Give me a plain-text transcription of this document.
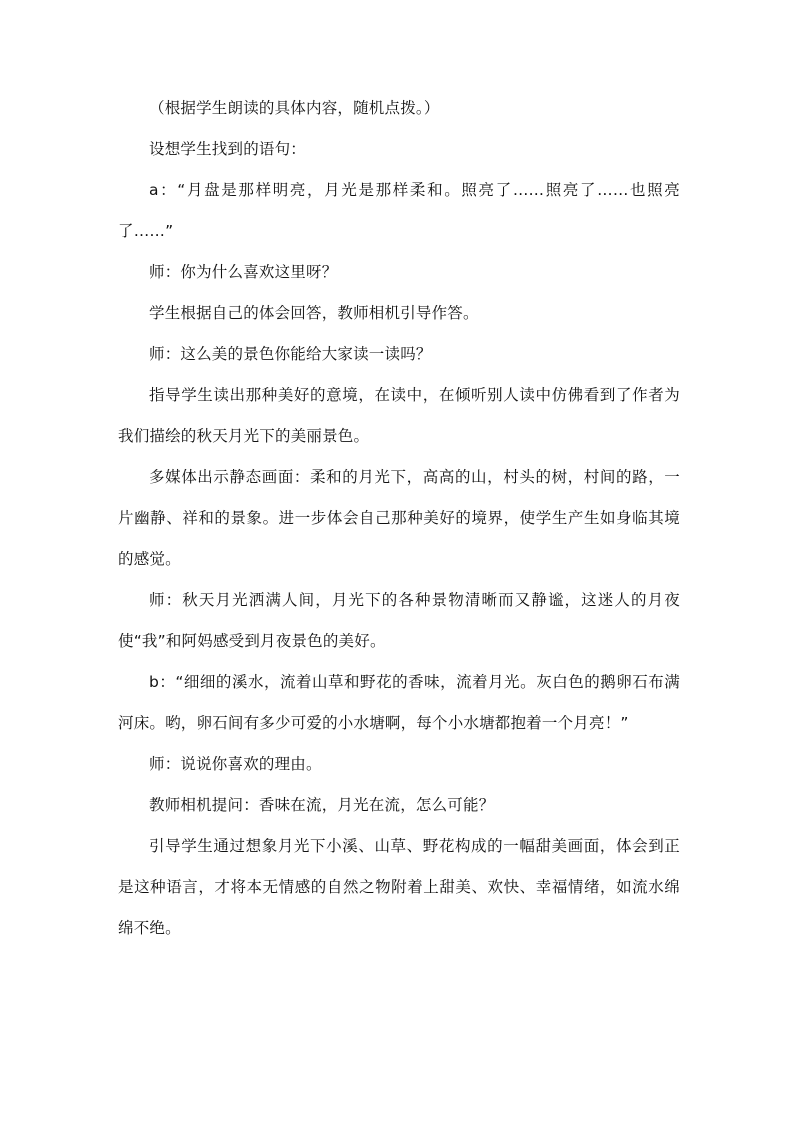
（根据学生朗读的具体内容，随机点拨。）

设想学生找到的语句：

a：“月盘是那样明亮，月光是那样柔和。照亮了……照亮了……也照亮了……”

师：你为什么喜欢这里呀？

学生根据自己的体会回答，教师相机引导作答。

师：这么美的景色你能给大家读一读吗？

指导学生读出那种美好的意境，在读中，在倾听别人读中仿佛看到了作者为我们描绘的秋天月光下的美丽景色。

多媒体出示静态画面：柔和的月光下，高高的山，村头的树，村间的路，一片幽静、祥和的景象。进一步体会自己那种美好的境界，使学生产生如身临其境的感觉。

师：秋天月光洒满人间，月光下的各种景物清晰而又静谧，这迷人的月夜使“我”和阿妈感受到月夜景色的美好。

b：“细细的溪水，流着山草和野花的香味，流着月光。灰白色的鹅卵石布满河床。哟，卵石间有多少可爱的小水塘啊，每个小水塘都抱着一个月亮！”

师：说说你喜欢的理由。

教师相机提问：香味在流，月光在流，怎么可能？

引导学生通过想象月光下小溪、山草、野花构成的一幅甜美画面，体会到正是这种语言，才将本无情感的自然之物附着上甜美、欢快、幸福情绪，如流水绵绵不绝。
